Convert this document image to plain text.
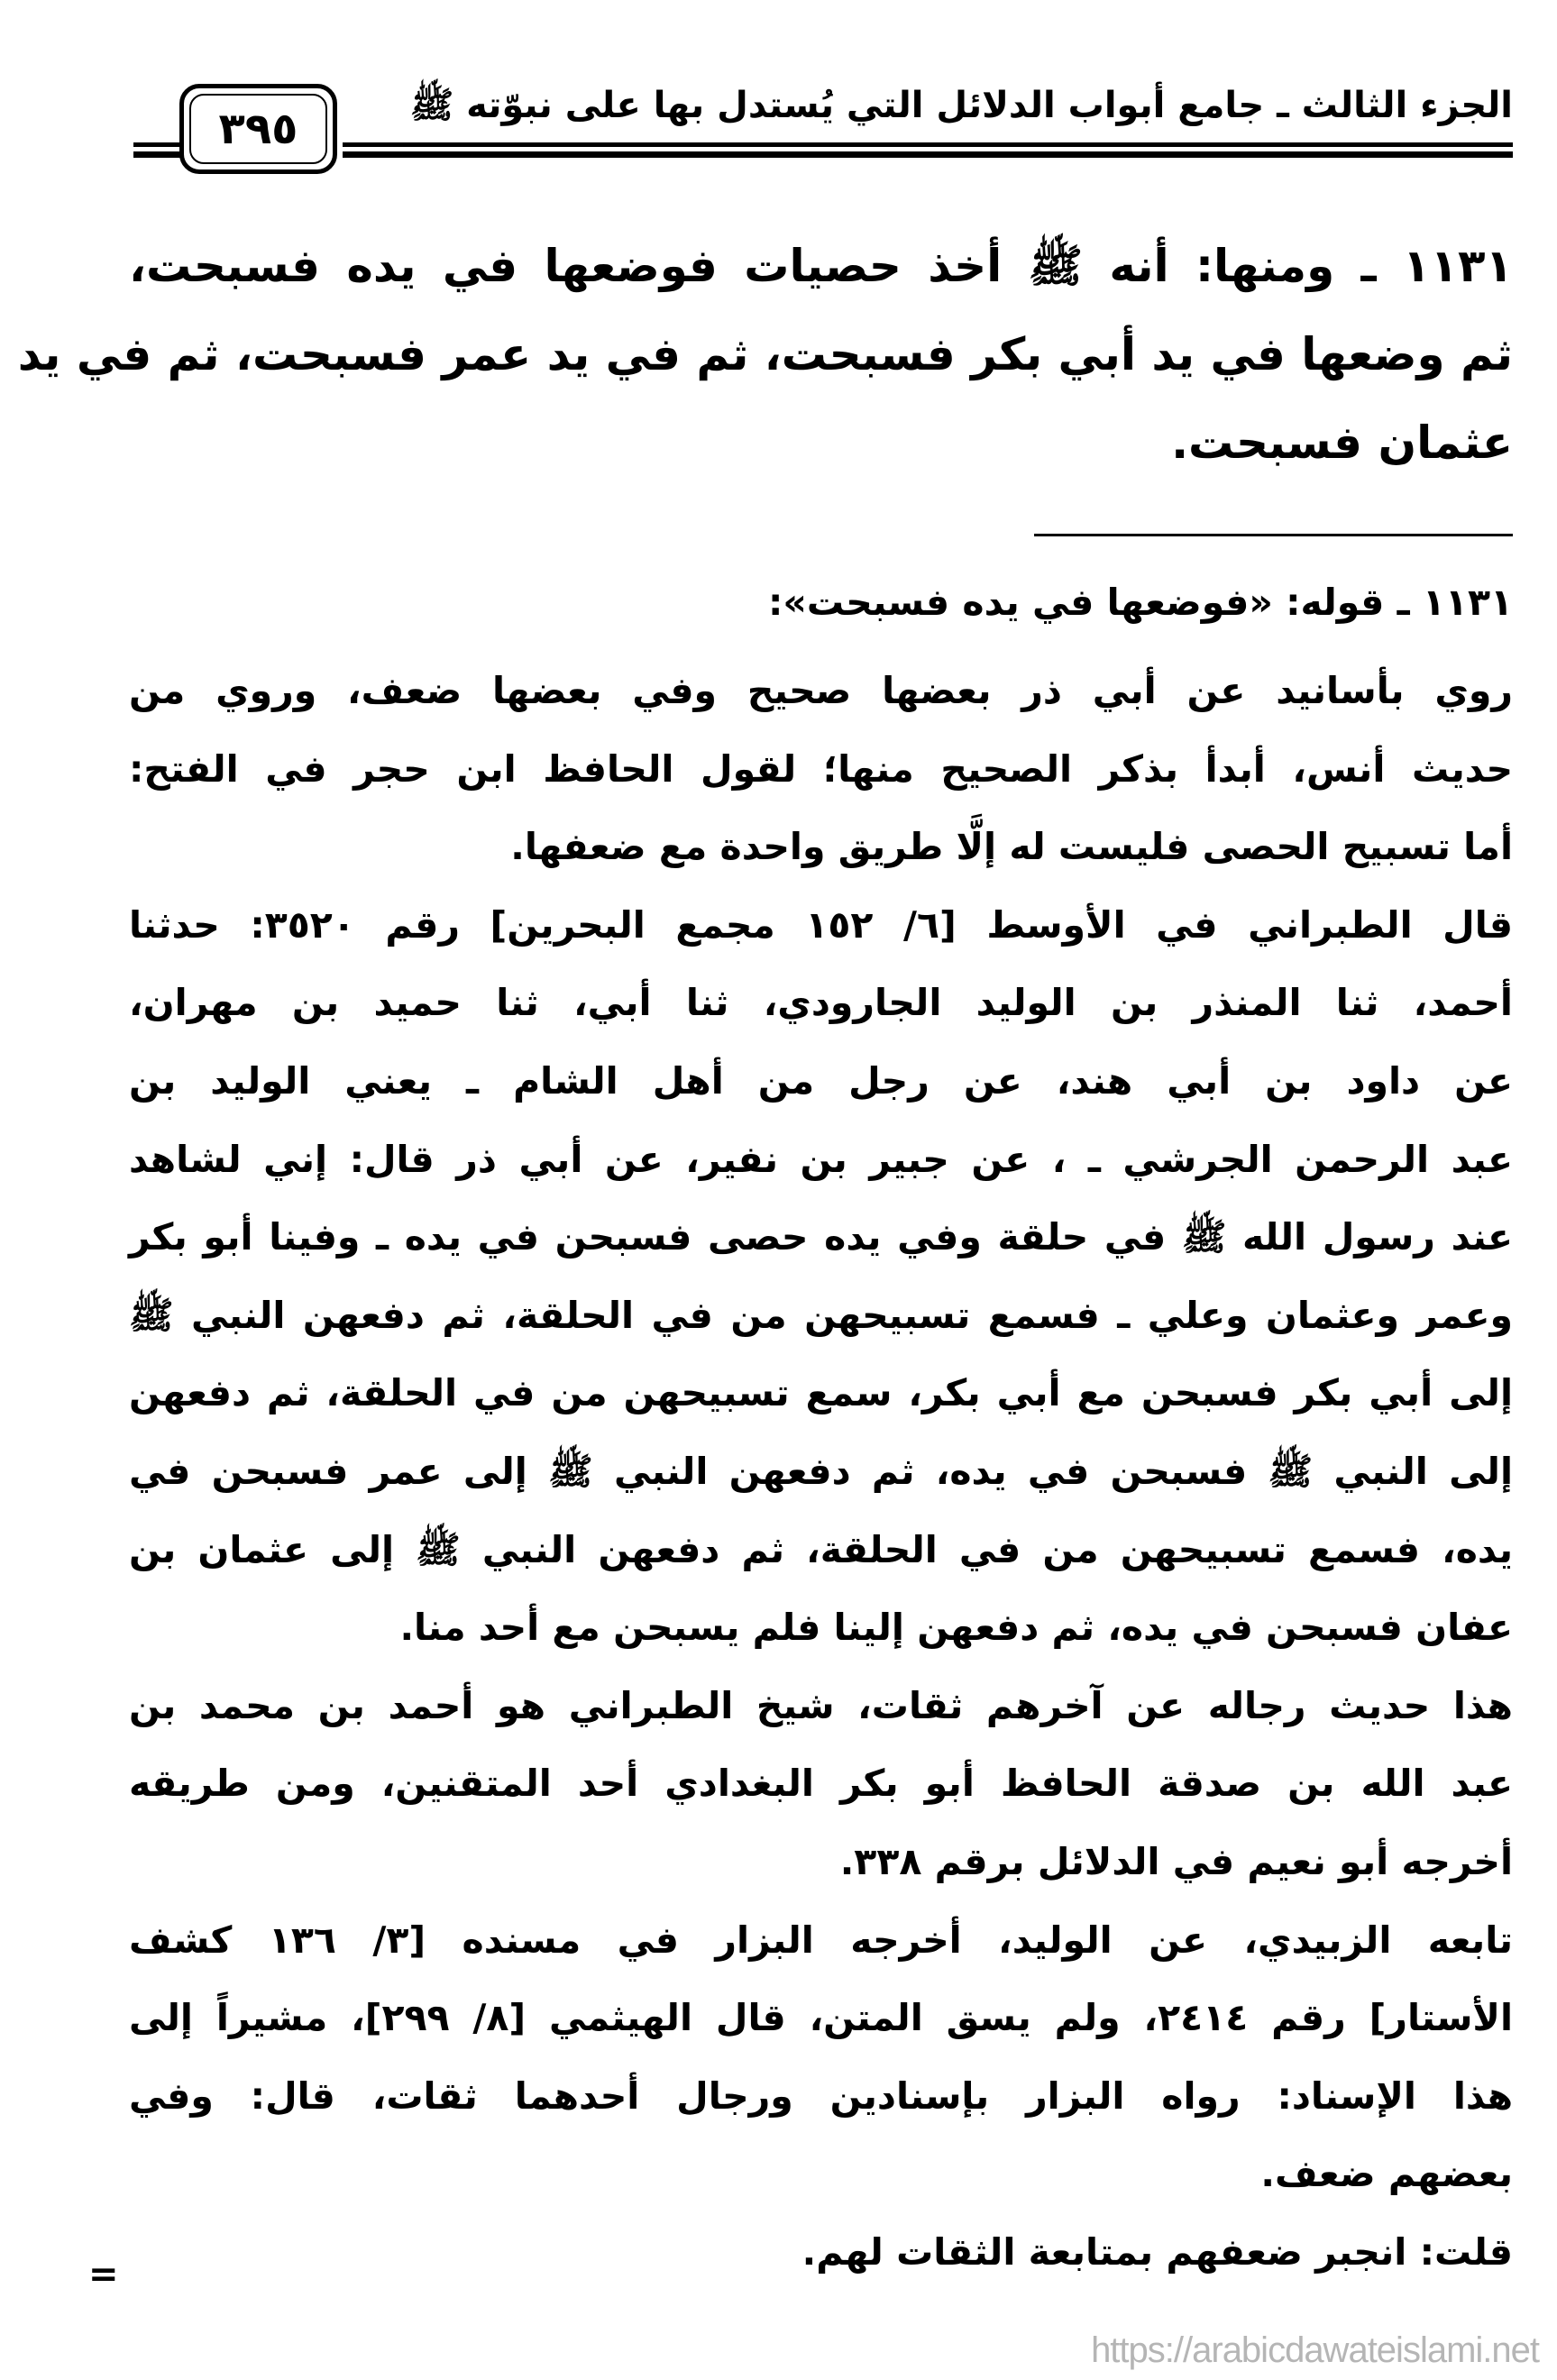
الجزء الثالث ـ جامع أبواب الدلائل التي يُستدل بها على نبوّته ﷺ
٣٩٥
١١٣١ ـ ومنها: أنه ﷺ أخذ حصيات فوضعها في يده فسبحت،
ثم وضعها في يد أبي بكر فسبحت، ثم في يد عمر فسبحت، ثم في يد
عثمان فسبحت.
١١٣١ ـ قوله: «فوضعها في يده فسبحت»:
روي بأسانيد عن أبي ذر بعضها صحيح وفي بعضها ضعف، وروي من
حديث أنس، أبدأ بذكر الصحيح منها؛ لقول الحافظ ابن حجر في الفتح:
أما تسبيح الحصى فليست له إلَّا طريق واحدة مع ضعفها.
قال الطبراني في الأوسط [٦/ ١٥٢ مجمع البحرين] رقم ٣٥٢٠: حدثنا
أحمد، ثنا المنذر بن الوليد الجارودي، ثنا أبي، ثنا حميد بن مهران،
عن داود بن أبي هند، عن رجل من أهل الشام ـ يعني الوليد بن
عبد الرحمن الجرشي ـ ، عن جبير بن نفير، عن أبي ذر قال: إني لشاهد
عند رسول الله ﷺ في حلقة وفي يده حصى فسبحن في يده ـ وفينا أبو بكر
وعمر وعثمان وعلي ـ فسمع تسبيحهن من في الحلقة، ثم دفعهن النبي ﷺ
إلى أبي بكر فسبحن مع أبي بكر، سمع تسبيحهن من في الحلقة، ثم دفعهن
إلى النبي ﷺ فسبحن في يده، ثم دفعهن النبي ﷺ إلى عمر فسبحن في
يده، فسمع تسبيحهن من في الحلقة، ثم دفعهن النبي ﷺ إلى عثمان بن
عفان فسبحن في يده، ثم دفعهن إلينا فلم يسبحن مع أحد منا.
هذا حديث رجاله عن آخرهم ثقات، شيخ الطبراني هو أحمد بن محمد بن
عبد الله بن صدقة الحافظ أبو بكر البغدادي أحد المتقنين، ومن طريقه
أخرجه أبو نعيم في الدلائل برقم ٣٣٨.
تابعه الزبيدي، عن الوليد، أخرجه البزار في مسنده [٣/ ١٣٦ كشف
الأستار] رقم ٢٤١٤، ولم يسق المتن، قال الهيثمي [٨/ ٢٩٩]، مشيراً إلى
هذا الإسناد: رواه البزار بإسنادين ورجال أحدهما ثقات، قال: وفي
بعضهم ضعف.
قلت: انجبر ضعفهم بمتابعة الثقات لهم.
=
https://arabicdawateislami.net
